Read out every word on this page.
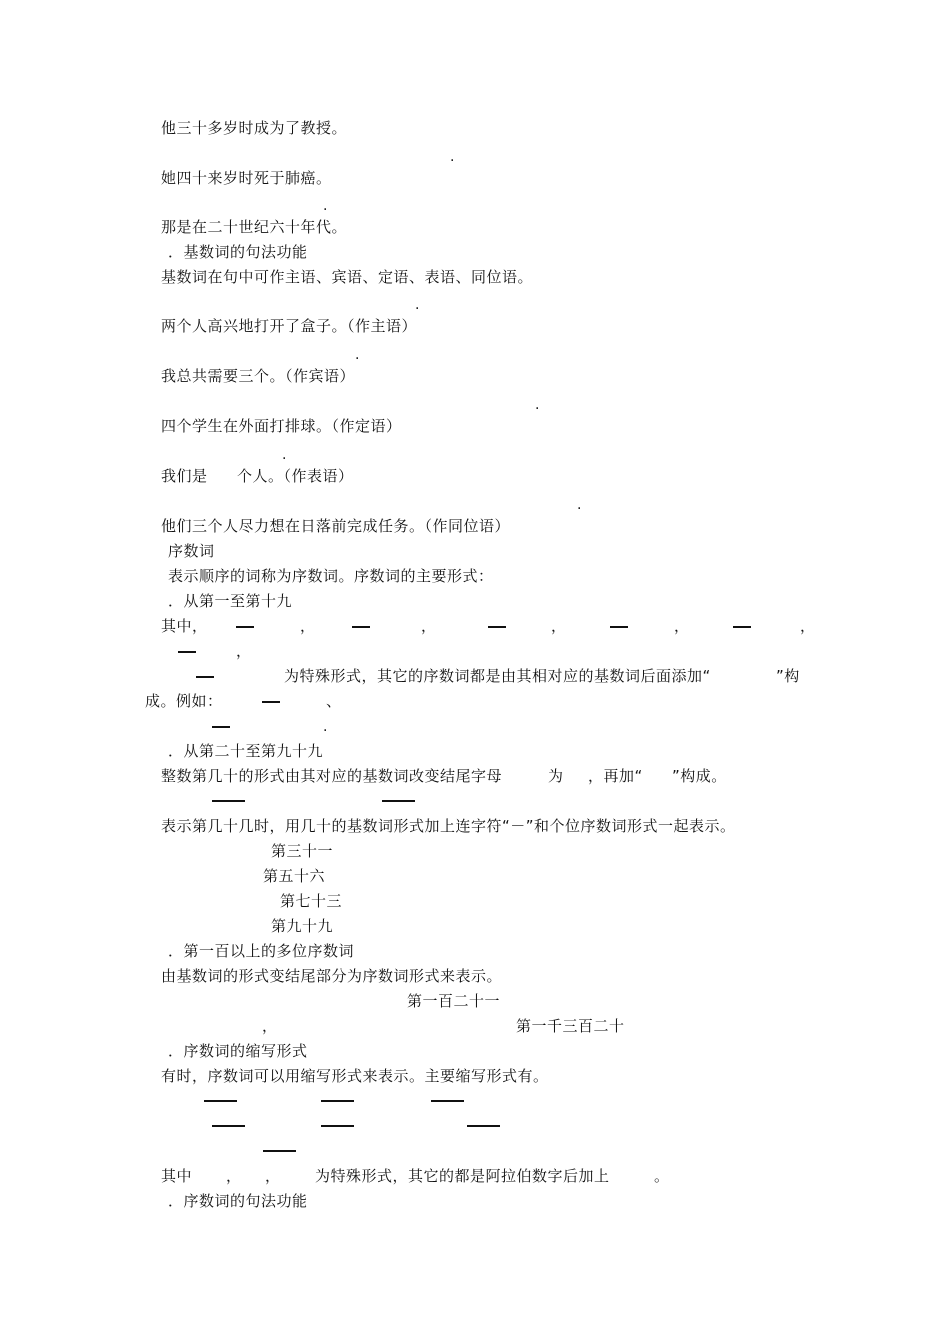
他三十多岁时成为了教授。
.
她四十来岁时死于肺癌。
.
那是在二十世纪六十年代。
．基数词的句法功能
基数词在句中可作主语、宾语、定语、表语、同位语。
.
两个人高兴地打开了盒子。（作主语）
.
我总共需要三个。（作宾语）
.
四个学生在外面打排球。（作定语）
.
我们是 个人。（作表语）
.
他们三个人尽力想在日落前完成任务。（作同位语）
序数词
表示顺序的词称为序数词。序数词的主要形式：
．从第一至第十九
其中，	，	，	，	，	，
，
为特殊形式，其它的序数词都是由其相对应的基数词后面添加“	”构
成。例如：	、
.
．从第二十至第九十九
整数第几十的形式由其对应的基数词改变结尾字母	为 ，再加“ ”构成。
表示第几十几时，用几十的基数词形式加上连字符“－”和个位序数词形式一起表示。
第三十一
第五十六
第七十三
第九十九
．第一百以上的多位序数词
由基数词的形式变结尾部分为序数词形式来表示。
第一百二十一
，	第一千三百二十
．序数词的缩写形式
有时，序数词可以用缩写形式来表示。主要缩写形式有。
其中 ， ， 为特殊形式，其它的都是阿拉伯数字后加上	。
．序数词的句法功能
